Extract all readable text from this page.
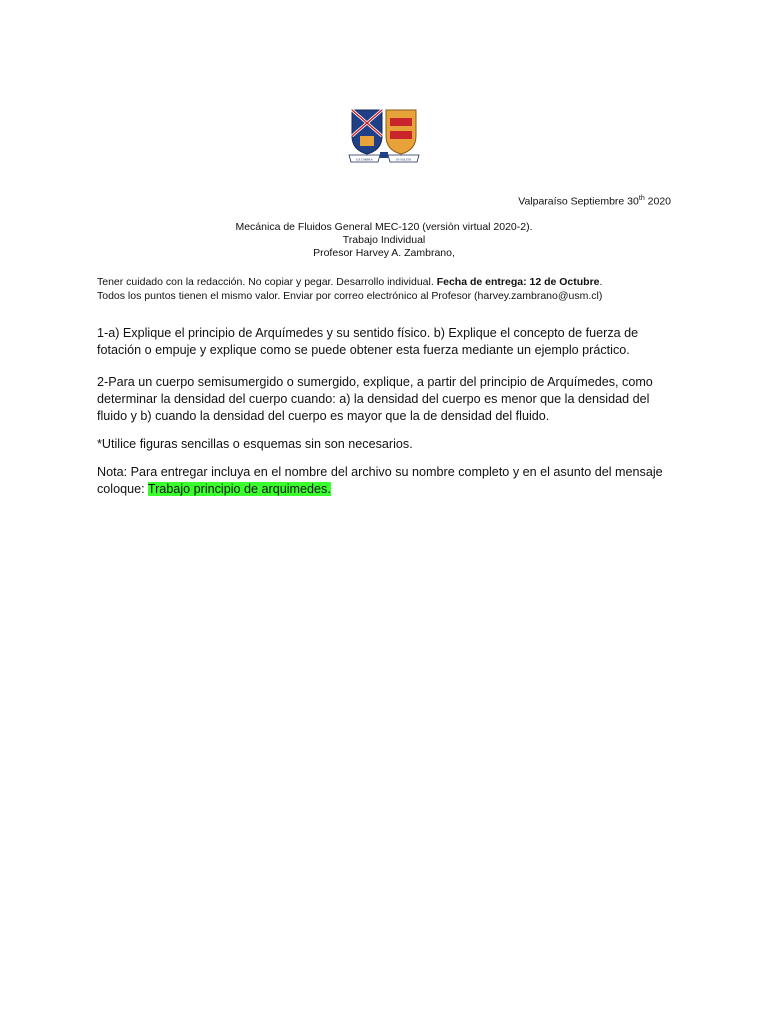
EX UMBRA	IN SOLEM
Valparaíso Septiembre 30th 2020
Mecánica de Fluidos General MEC-120 (versiòn virtual 2020-2).
Trabajo Individual
Profesor Harvey A. Zambrano,
Tener cuidado con la redacción. No copiar y pegar. Desarrollo individual. Fecha de entrega: 12 de Octubre.
Todos los puntos tienen el mismo valor. Enviar por correo electrónico al Profesor (harvey.zambrano@usm.cl)
1-a) Explique el principio de Arquímedes y su sentido físico. b) Explique el concepto de fuerza de fotación o empuje y explique como se puede obtener esta fuerza mediante un ejemplo práctico.
2-Para un cuerpo semisumergido o sumergido, explique, a partir del principio de Arquímedes, como determinar la densidad del cuerpo cuando: a) la densidad del cuerpo es menor que la densidad del fluido y b) cuando la densidad del cuerpo es mayor que la de densidad del fluido.
*Utilice figuras sencillas o esquemas sin son necesarios.
Nota: Para entregar incluya en el nombre del archivo su nombre completo y en el asunto del mensaje coloque: Trabajo principio de arquimedes.
